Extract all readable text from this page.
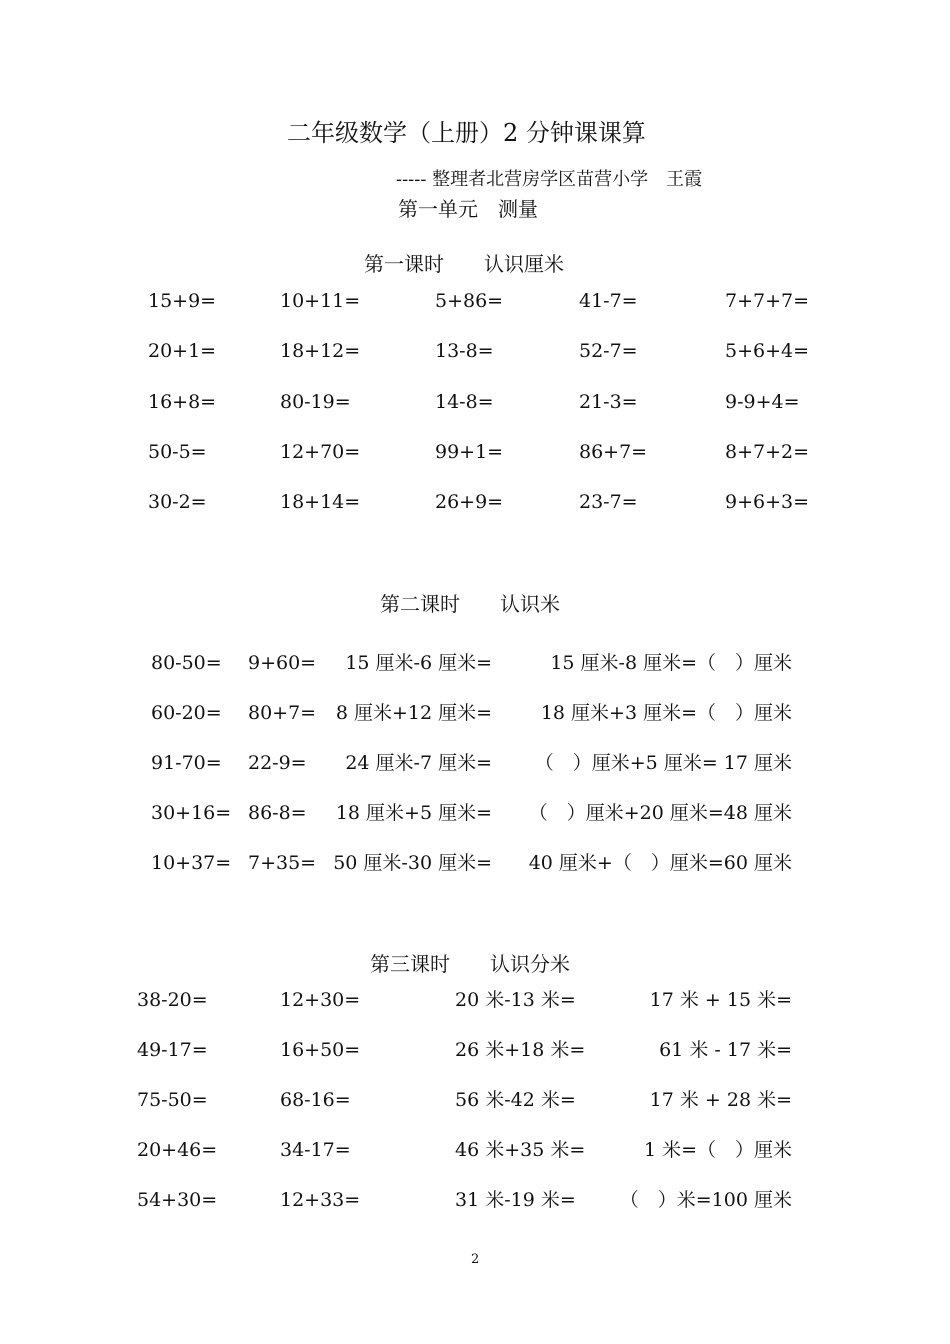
二年级数学（上册）2 分钟课课算
----- 整理者北营房学区苗营小学　王霞
第一单元　测量
第一课时　　认识厘米
15+9=	10+11=	5+86=	41-7=	7+7+7=
20+1=	18+12=	13-8=	52-7=	5+6+4=
16+8=	80-19=	14-8=	21-3=	9-9+4=
50-5=	12+70=	99+1=	86+7=	8+7+2=
30-2=	18+14=	26+9=	23-7=	9+6+3=
第二课时　　认识米
80-50= 9+60=	15 厘米-6 厘米=	15 厘米-8 厘米=（　）厘米
60-20= 80+7=	8 厘米+12 厘米=	18 厘米+3 厘米=（　）厘米
91-70= 22-9=	24 厘米-7 厘米=	（　）厘米+5 厘米= 17 厘米
30+16= 86-8=	18 厘米+5 厘米=	（　）厘米+20 厘米=48 厘米
10+37= 7+35= 50 厘米-30 厘米=	40 厘米+（　）厘米=60 厘米
第三课时　　认识分米
38-20=	12+30=	20 米-13 米=	17 米 + 15 米=
49-17=	16+50=	26 米+18 米=	61 米 - 17 米=
75-50=	68-16=	56 米-42 米=	17 米 + 28 米=
20+46=	34-17=	46 米+35 米=	1 米=（　）厘米
54+30=	12+33=	31 米-19 米=	（　）米=100 厘米
2
